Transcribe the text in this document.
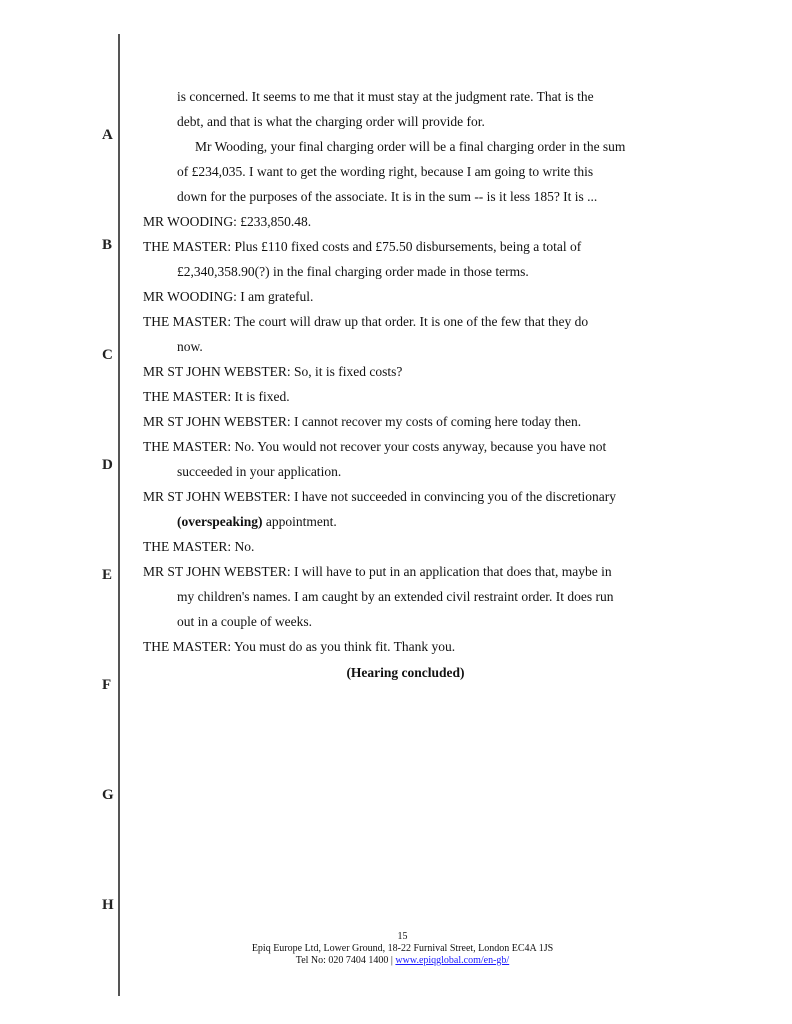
A
B
C
D
E
F
G
H
is concerned. It seems to me that it must stay at the judgment rate. That is the
debt, and that is what the charging order will provide for.
Mr Wooding, your final charging order will be a final charging order in the sum
of £234,035. I want to get the wording right, because I am going to write this
down for the purposes of the associate. It is in the sum -- is it less 185? It is ...
MR WOODING: £233,850.48.
THE MASTER: Plus £110 fixed costs and £75.50 disbursements, being a total of
£2,340,358.90(?) in the final charging order made in those terms.
MR WOODING: I am grateful.
THE MASTER: The court will draw up that order. It is one of the few that they do
now.
MR ST JOHN WEBSTER: So, it is fixed costs?
THE MASTER: It is fixed.
MR ST JOHN WEBSTER: I cannot recover my costs of coming here today then.
THE MASTER: No. You would not recover your costs anyway, because you have not
succeeded in your application.
MR ST JOHN WEBSTER: I have not succeeded in convincing you of the discretionary
(overspeaking) appointment.
THE MASTER: No.
MR ST JOHN WEBSTER: I will have to put in an application that does that, maybe in
my children's names. I am caught by an extended civil restraint order. It does run
out in a couple of weeks.
THE MASTER: You must do as you think fit. Thank you.
(Hearing concluded)
15
Epiq Europe Ltd, Lower Ground, 18-22 Furnival Street, London EC4A 1JS
Tel No: 020 7404 1400 | www.epiqglobal.com/en-gb/
